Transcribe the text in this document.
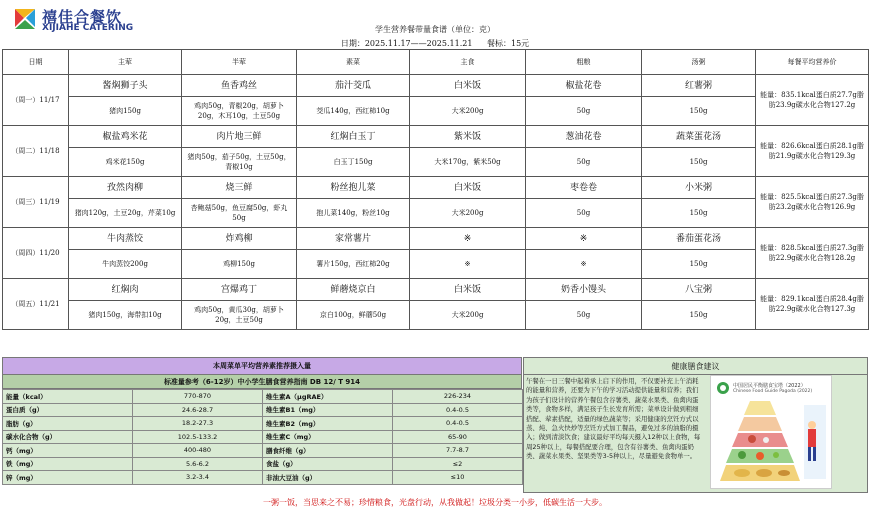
禧佳合餐饮
XIJIAHE CATERING	学生营养餐带量食谱（单位：克）
日期：2025.11.17——2025.11.21 餐标：15元
日期	主荤	半荤	素菜	主食	粗粮	汤粥	每餐平均营养价
（周一）11/17	酱焖狮子头	鱼香鸡丝	茄汁茭瓜	白米饭	椒盐花卷	红薯粥	能量：835.1kcal蛋白质27.7g脂肪23.9g碳水化合物127.2g
	猪肉150g	鸡肉50g，青椒20g，胡萝卜20g，木耳10g，土豆50g	茭瓜140g，西红柿10g	大米200g	50g	150g	
（周二）11/18	椒盐鸡米花	肉片地三鲜	红焖白玉丁	紫米饭	葱油花卷	蔬菜蛋花汤	能量：826.6kcal蛋白质28.1g脂肪21.9g碳水化合物129.3g
	鸡米花150g	猪肉50g，茄子50g，土豆50g，青椒10g	白玉丁150g	大米170g，紫米50g	50g	150g	
（周三）11/19	孜然肉柳	烧三鲜	粉丝抱儿菜	白米饭	枣卷卷	小米粥	能量：825.5kcal蛋白质27.3g脂肪23.2g碳水化合物126.9g
	猪肉120g，土豆20g，芹菜10g	杏鲍菇50g，鱼豆腐50g，虾丸50g	抱儿菜140g，粉丝10g	大米200g	50g	150g	
（周四）11/20	牛肉蒸饺	炸鸡柳	家常薯片	※	※	番茄蛋花汤	能量：828.5kcal蛋白质27.3g脂肪22.9g碳水化合物128.2g
	牛肉蒸饺200g	鸡柳150g	薯片150g，西红柿20g	※	※	150g	
（周五）11/21	红焖肉	宫爆鸡丁	鲜蘑烧京白	白米饭	奶香小馒头	八宝粥	能量：829.1kcal蛋白质28.4g脂肪22.9g碳水化合物127.3g
	猪肉150g，海带扣10g	鸡肉50g，黄瓜30g，胡萝卜20g，土豆50g	京白100g，鲜蘑50g	大米200g	50g	150g	
本周菜单平均营养素推荐摄入量
标准量参考（6-12岁）中小学生膳食营养指南 DB 12/ T 914
能量（kcal）	770-870	维生素A（μgRAE）	226-234
蛋白质（g）	24.6-28.7	维生素B1（mg）	0.4-0.5
脂肪（g）	18.2-27.3	维生素B2（mg）	0.4-0.5
碳水化合物（g）	102.5-133.2	维生素C（mg）	65-90
钙（mg）	400-480	膳食纤维（g）	7.7-8.7
铁（mg）	5.6-6.2	食盐（g）	≤2
锌（mg）	3.2-3.4	非油大豆油（g）	≤10
健康膳食建议
午餐在一日三餐中起着承上启下的作用，不仅要补充上午消耗的能量和营养，还要为下午的学习活动提供能量和营养；我们为孩子们设计的营养午餐包含谷薯类、蔬菜水果类、鱼禽肉蛋类等，食物多样，满足孩子生长发育所需；菜单设计做到粗细搭配、荤素搭配，适量的绿色蔬菜等；采用健康的烹饪方式以蒸、炖、急火快炒等烹饪方式加工餐品，避免过多的油脂的摄入；做到清淡饮食；建议最好平均每天摄入12种以上食物，每周25种以上，每餐搭配要合理，包含有谷薯类、鱼禽肉蛋奶类、蔬菜水果类、坚果类等3-5种以上，尽量避免食物单一。
中国居民平衡膳食宝塔（2022）
Chinese Food Guide Pagoda (2022)
一粥一饭，当思来之不易；珍惜粮食，光盘行动，从我做起！垃圾分类一小步，低碳生活一大步。
